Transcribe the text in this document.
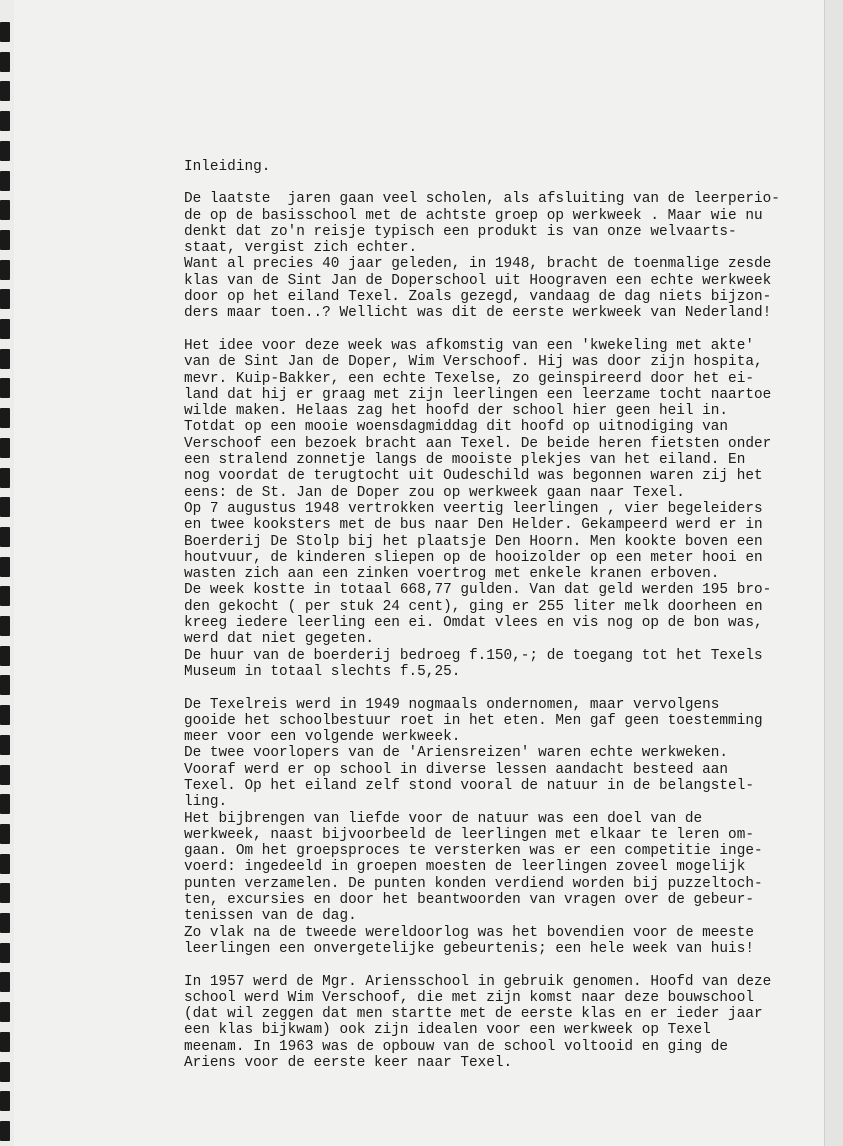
Inleiding.
De laatste  jaren gaan veel scholen, als afsluiting van de leerperio-
de op de basisschool met de achtste groep op werkweek . Maar wie nu
denkt dat zo'n reisje typisch een produkt is van onze welvaarts-
staat, vergist zich echter.
Want al precies 40 jaar geleden, in 1948, bracht de toenmalige zesde
klas van de Sint Jan de Doperschool uit Hoograven een echte werkweek
door op het eiland Texel. Zoals gezegd, vandaag de dag niets bijzon-
ders maar toen..? Wellicht was dit de eerste werkweek van Nederland!
Het idee voor deze week was afkomstig van een 'kwekeling met akte'
van de Sint Jan de Doper, Wim Verschoof. Hij was door zijn hospita,
mevr. Kuip-Bakker, een echte Texelse, zo geinspireerd door het ei-
land dat hij er graag met zijn leerlingen een leerzame tocht naartoe
wilde maken. Helaas zag het hoofd der school hier geen heil in.
Totdat op een mooie woensdagmiddag dit hoofd op uitnodiging van
Verschoof een bezoek bracht aan Texel. De beide heren fietsten onder
een stralend zonnetje langs de mooiste plekjes van het eiland. En
nog voordat de terugtocht uit Oudeschild was begonnen waren zij het
eens: de St. Jan de Doper zou op werkweek gaan naar Texel.
Op 7 augustus 1948 vertrokken veertig leerlingen , vier begeleiders
en twee kooksters met de bus naar Den Helder. Gekampeerd werd er in
Boerderij De Stolp bij het plaatsje Den Hoorn. Men kookte boven een
houtvuur, de kinderen sliepen op de hooizolder op een meter hooi en
wasten zich aan een zinken voertrog met enkele kranen erboven.
De week kostte in totaal 668,77 gulden. Van dat geld werden 195 bro-
den gekocht ( per stuk 24 cent), ging er 255 liter melk doorheen en
kreeg iedere leerling een ei. Omdat vlees en vis nog op de bon was,
werd dat niet gegeten.
De huur van de boerderij bedroeg f.150,-; de toegang tot het Texels
Museum in totaal slechts f.5,25.
De Texelreis werd in 1949 nogmaals ondernomen, maar vervolgens
gooide het schoolbestuur roet in het eten. Men gaf geen toestemming
meer voor een volgende werkweek.
De twee voorlopers van de 'Ariensreizen' waren echte werkweken.
Vooraf werd er op school in diverse lessen aandacht besteed aan
Texel. Op het eiland zelf stond vooral de natuur in de belangstel-
ling.
Het bijbrengen van liefde voor de natuur was een doel van de
werkweek, naast bijvoorbeeld de leerlingen met elkaar te leren om-
gaan. Om het groepsproces te versterken was er een competitie inge-
voerd: ingedeeld in groepen moesten de leerlingen zoveel mogelijk
punten verzamelen. De punten konden verdiend worden bij puzzeltoch-
ten, excursies en door het beantwoorden van vragen over de gebeur-
tenissen van de dag.
Zo vlak na de tweede wereldoorlog was het bovendien voor de meeste
leerlingen een onvergetelijke gebeurtenis; een hele week van huis!
In 1957 werd de Mgr. Ariensschool in gebruik genomen. Hoofd van deze
school werd Wim Verschoof, die met zijn komst naar deze bouwschool
(dat wil zeggen dat men startte met de eerste klas en er ieder jaar
een klas bijkwam) ook zijn idealen voor een werkweek op Texel
meenam. In 1963 was de opbouw van de school voltooid en ging de
Ariens voor de eerste keer naar Texel.
